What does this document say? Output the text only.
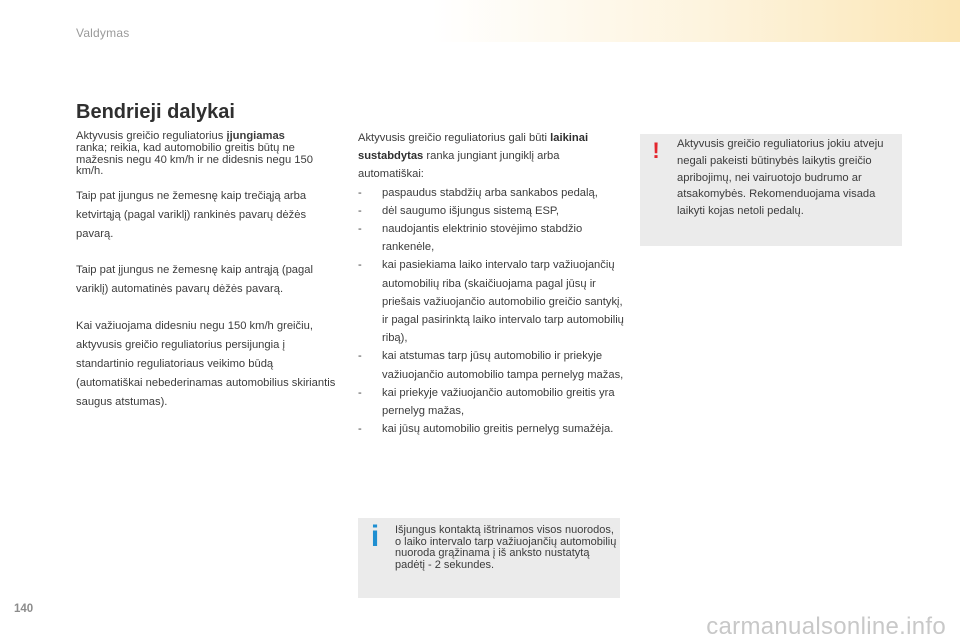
Valdymas
Bendrieji dalykai

Aktyvusis greičio reguliatorius įjungiamas
ranka; reikia, kad automobilio greitis būtų ne mažesnis negu 40 km/h ir ne didesnis negu 150 km/h.

Taip pat įjungus ne žemesnę kaip trečiąją arba ketvirtąją (pagal variklį) rankinės pavarų dėžės pavarą.

Taip pat įjungus ne žemesnę kaip antrąją (pagal variklį) automatinės pavarų dėžės pavarą.

Kai važiuojama didesniu negu 150 km/h greičiu, aktyvusis greičio reguliatorius persijungia į standartinio reguliatoriaus veikimo būdą (automatiškai nebederinamas automobilius skiriantis saugus atstumas).

Aktyvusis greičio reguliatorius gali būti laikinai sustabdytas ranka jungiant jungiklį arba automatiškai:

- paspaudus stabdžių arba sankabos pedalą,
- dėl saugumo išjungus sistemą ESP,
- naudojantis elektrinio stovėjimo stabdžio rankenėle,
- kai pasiekiama laiko intervalo tarp važiuojančių automobilių riba (skaičiuojama pagal jūsų ir priešais važiuojančio automobilio greičio santykį, ir pagal pasirinktą laiko intervalo tarp automobilių ribą),
- kai atstumas tarp jūsų automobilio ir priekyje važiuojančio automobilio tampa pernelyg mažas,
- kai priekyje važiuojančio automobilio greitis yra pernelyg mažas,
- kai jūsų automobilio greitis pernelyg sumažėja.
!	Aktyvusis greičio reguliatorius jokiu atveju negali pakeisti būtinybės laikytis greičio apribojimų, nei vairuotojo budrumo ar atsakomybės. Rekomenduojama visada laikyti kojas netoli pedalų.
i Išjungus kontaktą ištrinamos visos nuorodos, o laiko intervalo tarp važiuojančių automobilių nuoroda grąžinama į iš anksto nustatytą padėtį - 2 sekundes.
140
carmanualsonline.info
